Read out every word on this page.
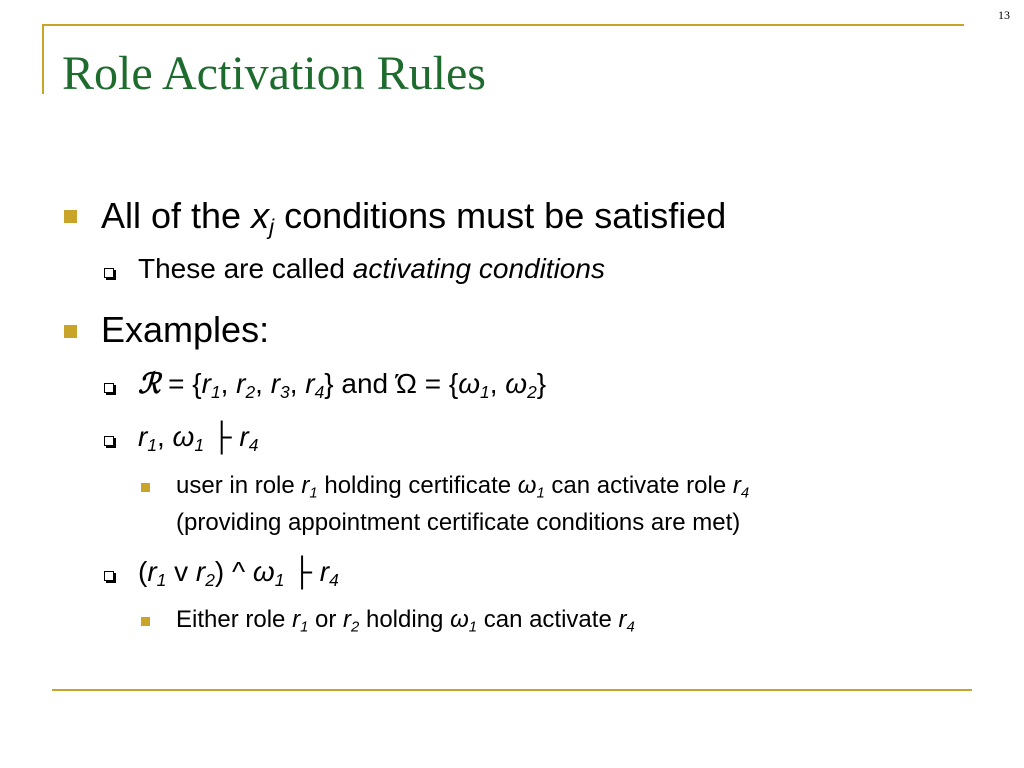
13
Role Activation Rules
All of the $x_j$ conditions must be satisfied
These are called activating conditions
Examples:
ℛ = {$r_1$, $r_2$, $r_3$, $r_4$} and $Ώ = \{\omega_1$, $\omega_2$}
$r_1$, $\omega_1$ ├ $r_4$
user in role $r_1$ holding certificate $\omega_1$ can activate role $r_4$
(providing appointment certificate conditions are met)
($r_1$ v $r_2$) ^ $\omega_1$ ├ $r_4$
Either role $r_1$ or $r_2$ holding $\omega_1$ can activate $r_4$
